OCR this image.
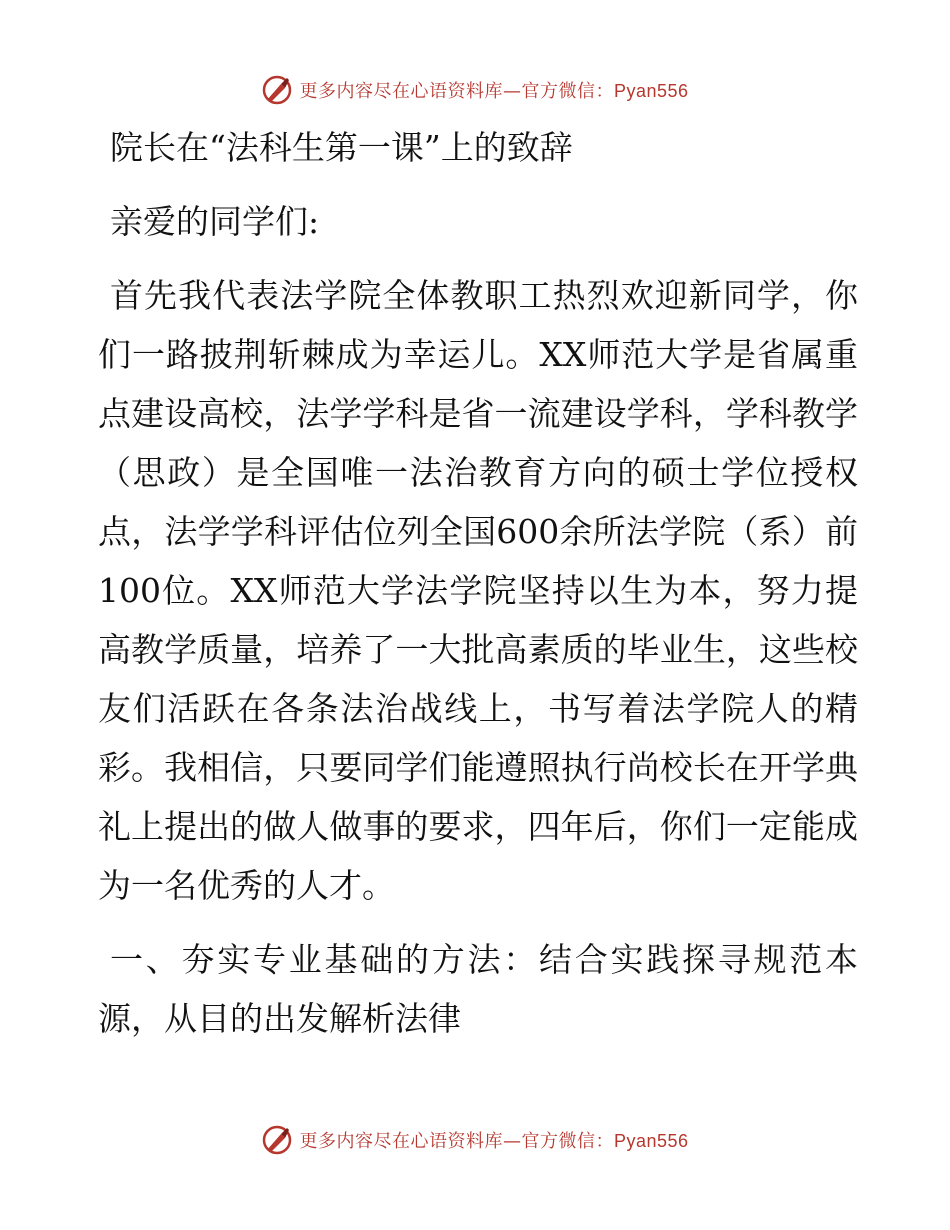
更多内容尽在心语资料库—官方微信：Pyan556

院长在“法科生第一课”上的致辞

亲爱的同学们:

首先我代表法学院全体教职工热烈欢迎新同学，你们一路披荆斩棘成为幸运儿。XX师范大学是省属重点建设高校，法学学科是省一流建设学科，学科教学（思政）是全国唯一法治教育方向的硕士学位授权点，法学学科评估位列全国600余所法学院（系）前100位。XX师范大学法学院坚持以生为本，努力提高教学质量，培养了一大批高素质的毕业生，这些校友们活跃在各条法治战线上，书写着法学院人的精彩。我相信，只要同学们能遵照执行尚校长在开学典礼上提出的做人做事的要求，四年后，你们一定能成为一名优秀的人才。

一、夯实专业基础的方法：结合实践探寻规范本源，从目的出发解析法律

更多内容尽在心语资料库—官方微信：Pyan556
